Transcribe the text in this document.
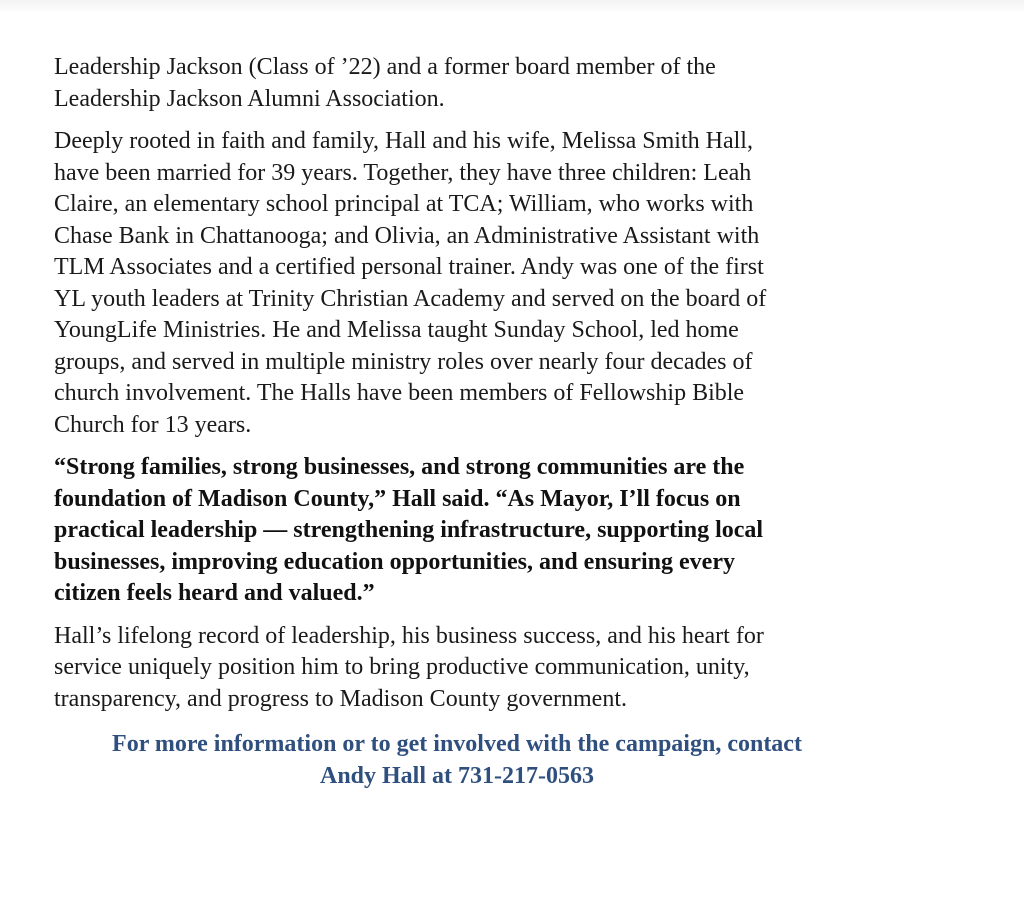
Leadership Jackson (Class of ’22) and a former board member of the
Leadership Jackson Alumni Association.

Deeply rooted in faith and family, Hall and his wife, Melissa Smith Hall,
have been married for 39 years. Together, they have three children: Leah
Claire, an elementary school principal at TCA; William, who works with
Chase Bank in Chattanooga; and Olivia, an Administrative Assistant with
TLM Associates and a certified personal trainer. Andy was one of the first
YL youth leaders at Trinity Christian Academy and served on the board of
YoungLife Ministries. He and Melissa taught Sunday School, led home
groups, and served in multiple ministry roles over nearly four decades of
church involvement. The Halls have been members of Fellowship Bible
Church for 13 years.

“Strong families, strong businesses, and strong communities are the
foundation of Madison County,” Hall said. “As Mayor, I’ll focus on
practical leadership — strengthening infrastructure, supporting local
businesses, improving education opportunities, and ensuring every
citizen feels heard and valued.”

Hall’s lifelong record of leadership, his business success, and his heart for
service uniquely position him to bring productive communication, unity,
transparency, and progress to Madison County government.

For more information or to get involved with the campaign, contact
Andy Hall at 731-217-0563
